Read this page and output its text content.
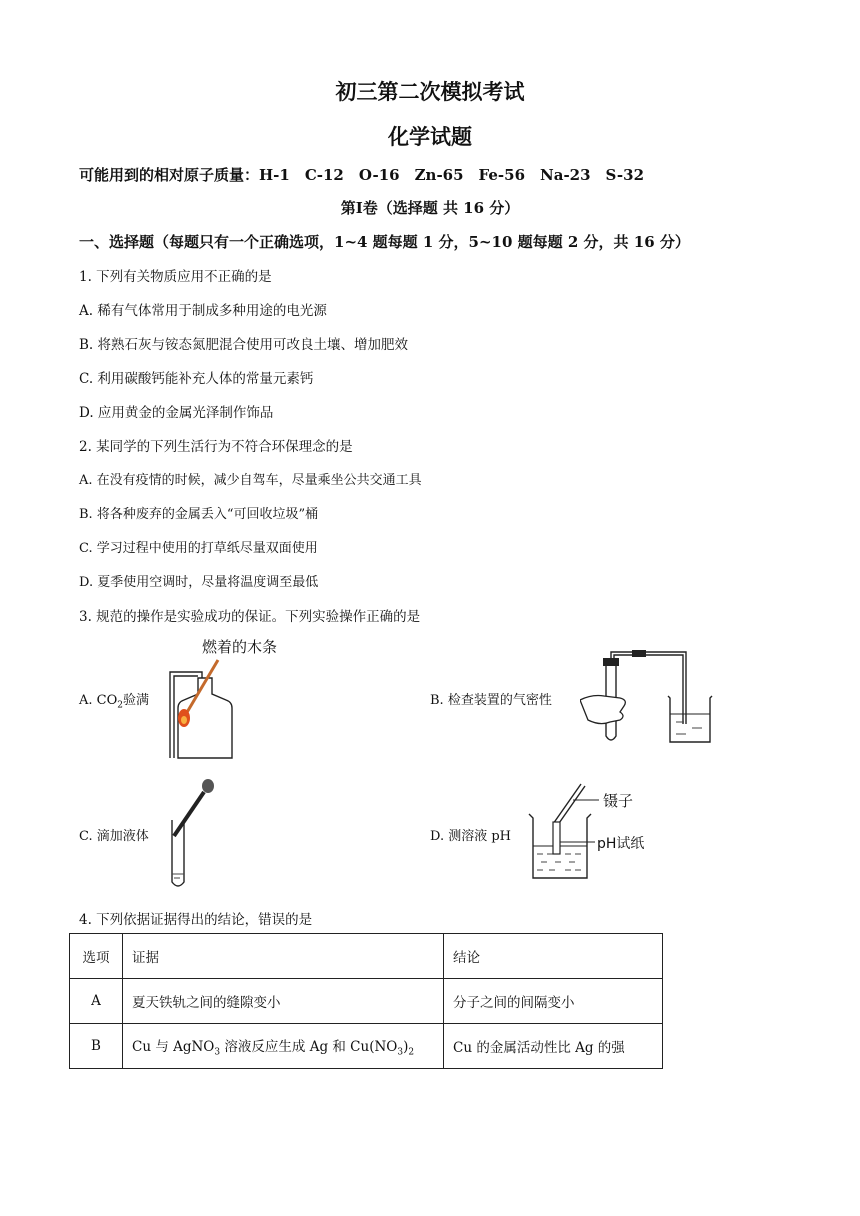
初三第二次模拟考试
化学试题
可能用到的相对原子质量：H-1　C-12　O-16　Zn-65　Fe-56　Na-23　S-32
第Ⅰ卷（选择题 共 16 分）
一、选择题（每题只有一个正确选项，1~4 题每题 1 分，5~10 题每题 2 分，共 16 分）
1. 下列有关物质应用不正确的是
A. 稀有气体常用于制成多种用途的电光源
B. 将熟石灰与铵态氮肥混合使用可改良土壤、增加肥效
C. 利用碳酸钙能补充人体的常量元素钙
D. 应用黄金的金属光泽制作饰品
2. 某同学的下列生活行为不符合环保理念的是
A. 在没有疫情的时候，减少自驾车，尽量乘坐公共交通工具
B. 将各种废弃的金属丢入“可回收垃圾”桶
C. 学习过程中使用的打草纸尽量双面使用
D. 夏季使用空调时，尽量将温度调至最低
3. 规范的操作是实验成功的保证。下列实验操作正确的是
A. $CO_2$验满
燃着的木条
B. 检查装置的气密性
C. 滴加液体	D. 测溶液 pH
镊子
pH试纸
4. 下列依据证据得出的结论，错误的是
选项	证据	结论
A	夏天铁轨之间的缝隙变小	分子之间的间隔变小
B	Cu 与 AgNO$_3$ 溶液反应生成 Ag 和 $Cu(NO_3)_2$	Cu 的金属活动性比 Ag 的强
